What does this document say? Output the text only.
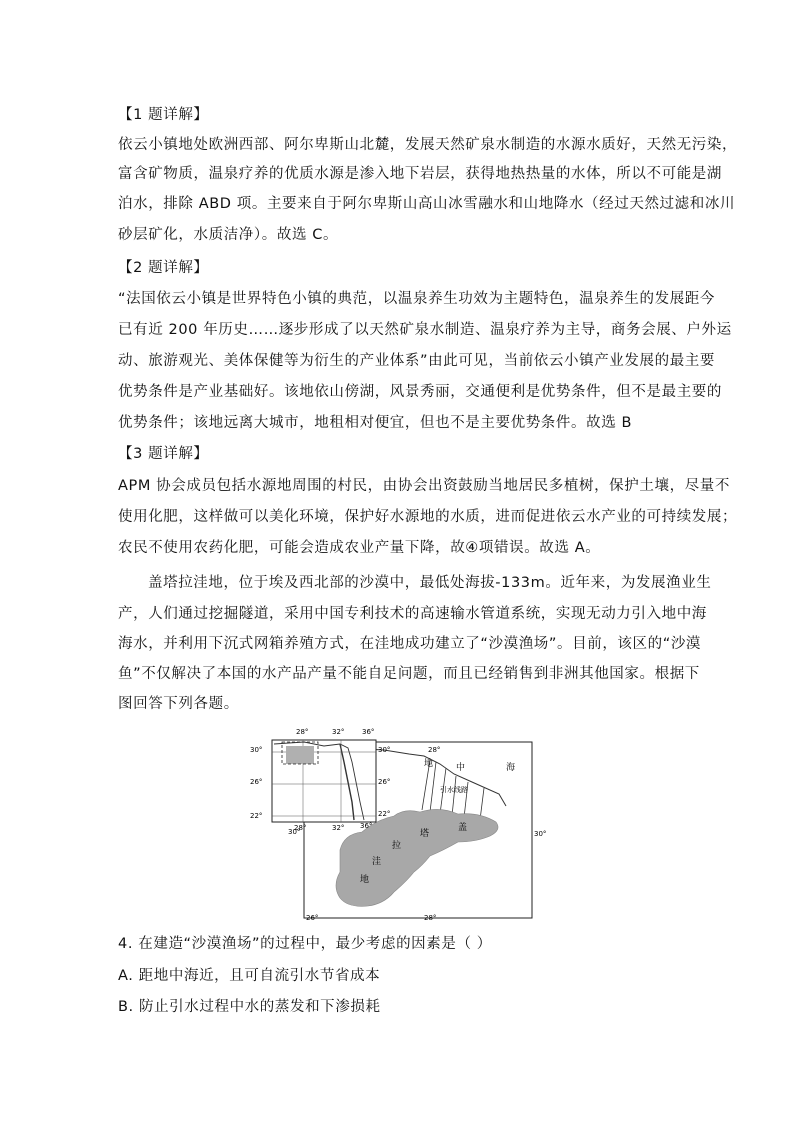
【1 题详解】
依云小镇地处欧洲西部、阿尔卑斯山北麓，发展天然矿泉水制造的水源水质好，天然无污染，
富含矿物质，温泉疗养的优质水源是渗入地下岩层，获得地热热量的水体，所以不可能是湖
泊水，排除 ABD 项。主要来自于阿尔卑斯山高山冰雪融水和山地降水（经过天然过滤和冰川
砂层矿化，水质洁净）。故选 C。
【2 题详解】
“法国依云小镇是世界特色小镇的典范，以温泉养生功效为主题特色，温泉养生的发展距今
已有近 200 年历史……逐步形成了以天然矿泉水制造、温泉疗养为主导，商务会展、户外运
动、旅游观光、美体保健等为衍生的产业体系”由此可见，当前依云小镇产业发展的最主要
优势条件是产业基础好。该地依山傍湖，风景秀丽，交通便利是优势条件，但不是最主要的
优势条件；该地远离大城市，地租相对便宜，但也不是主要优势条件。故选 B
【3 题详解】
APM 协会成员包括水源地周围的村民，由协会出资鼓励当地居民多植树，保护土壤，尽量不
使用化肥，这样做可以美化环境，保护好水源地的水质，进而促进依云水产业的可持续发展；
农民不使用农药化肥，可能会造成农业产量下降，故④项错误。故选 A。
盖塔拉洼地，位于埃及西北部的沙漠中，最低处海拔-133m。近年来，为发展渔业生
产，人们通过挖掘隧道，采用中国专利技术的高速输水管道系统，实现无动力引入地中海
海水，并利用下沉式网箱养殖方式，在洼地成功建立了“沙漠渔场”。目前，该区的“沙漠
鱼”不仅解决了本国的水产品产量不能自足问题，而且已经销售到非洲其他国家。根据下
图回答下列各题。
28°	32°	36°
30°
26°
22°
30°
26°
22°
28°	32° 36°
30°	30°
28°
26°	28°
地	中	海
引水线路
盖
塔
拉
洼
地
4. 在建造“沙漠渔场”的过程中，最少考虑的因素是（ ）
A. 距地中海近，且可自流引水节省成本
B. 防止引水过程中水的蒸发和下渗损耗
